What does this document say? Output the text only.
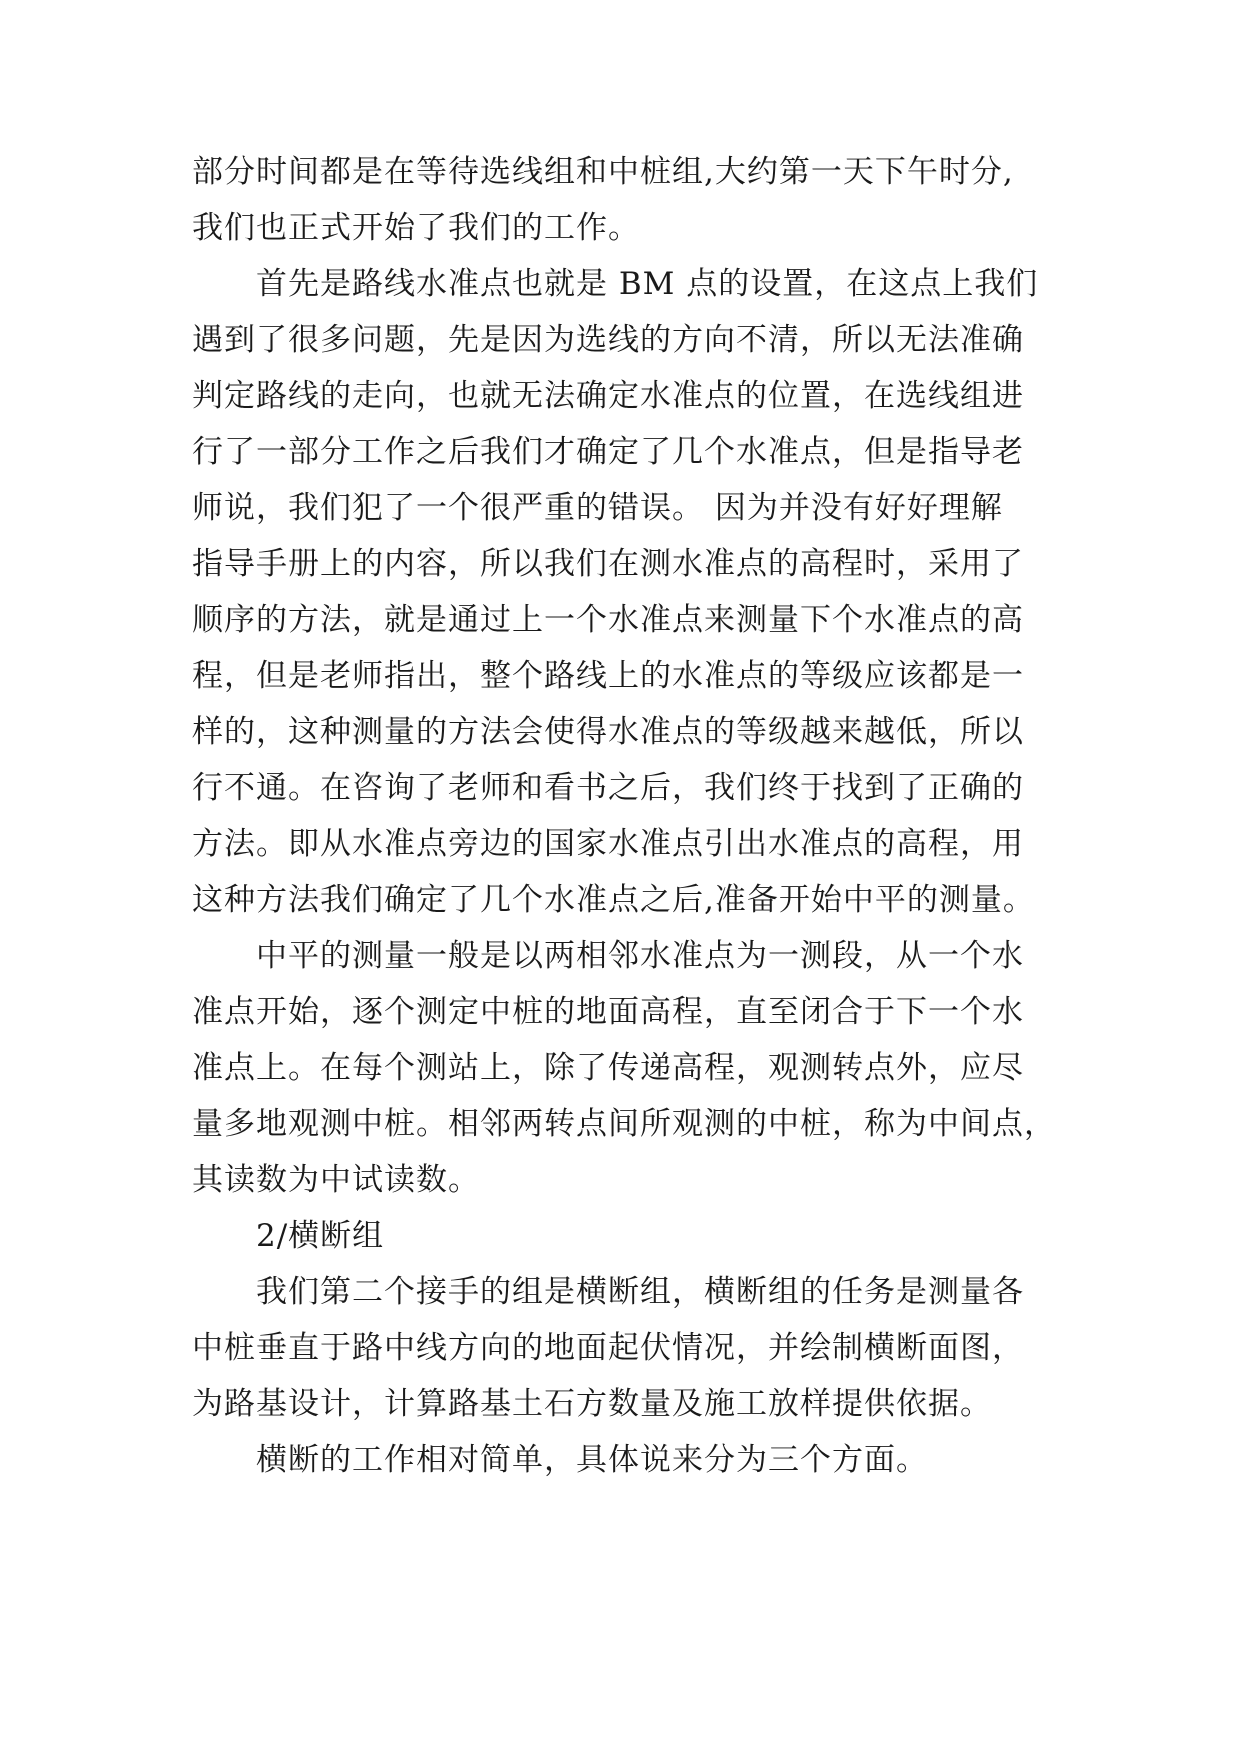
部分时间都是在等待选线组和中桩组,大约第一天下午时分,
我们也正式开始了我们的工作。
首先是路线水准点也就是 BM 点的设置，在这点上我们
遇到了很多问题，先是因为选线的方向不清，所以无法准确
判定路线的走向，也就无法确定水准点的位置，在选线组进
行了一部分工作之后我们才确定了几个水准点，但是指导老
师说，我们犯了一个很严重的错误。 因为并没有好好理解
指导手册上的内容，所以我们在测水准点的高程时，采用了
顺序的方法，就是通过上一个水准点来测量下个水准点的高
程，但是老师指出，整个路线上的水准点的等级应该都是一
样的，这种测量的方法会使得水准点的等级越来越低，所以
行不通。在咨询了老师和看书之后，我们终于找到了正确的
方法。即从水准点旁边的国家水准点引出水准点的高程，用
这种方法我们确定了几个水准点之后,准备开始中平的测量。
中平的测量一般是以两相邻水准点为一测段，从一个水
准点开始，逐个测定中桩的地面高程，直至闭合于下一个水
准点上。在每个测站上，除了传递高程，观测转点外，应尽
量多地观测中桩。相邻两转点间所观测的中桩，称为中间点，
其读数为中试读数。
2/横断组
我们第二个接手的组是横断组，横断组的任务是测量各
中桩垂直于路中线方向的地面起伏情况，并绘制横断面图，
为路基设计，计算路基土石方数量及施工放样提供依据。
横断的工作相对简单，具体说来分为三个方面。
